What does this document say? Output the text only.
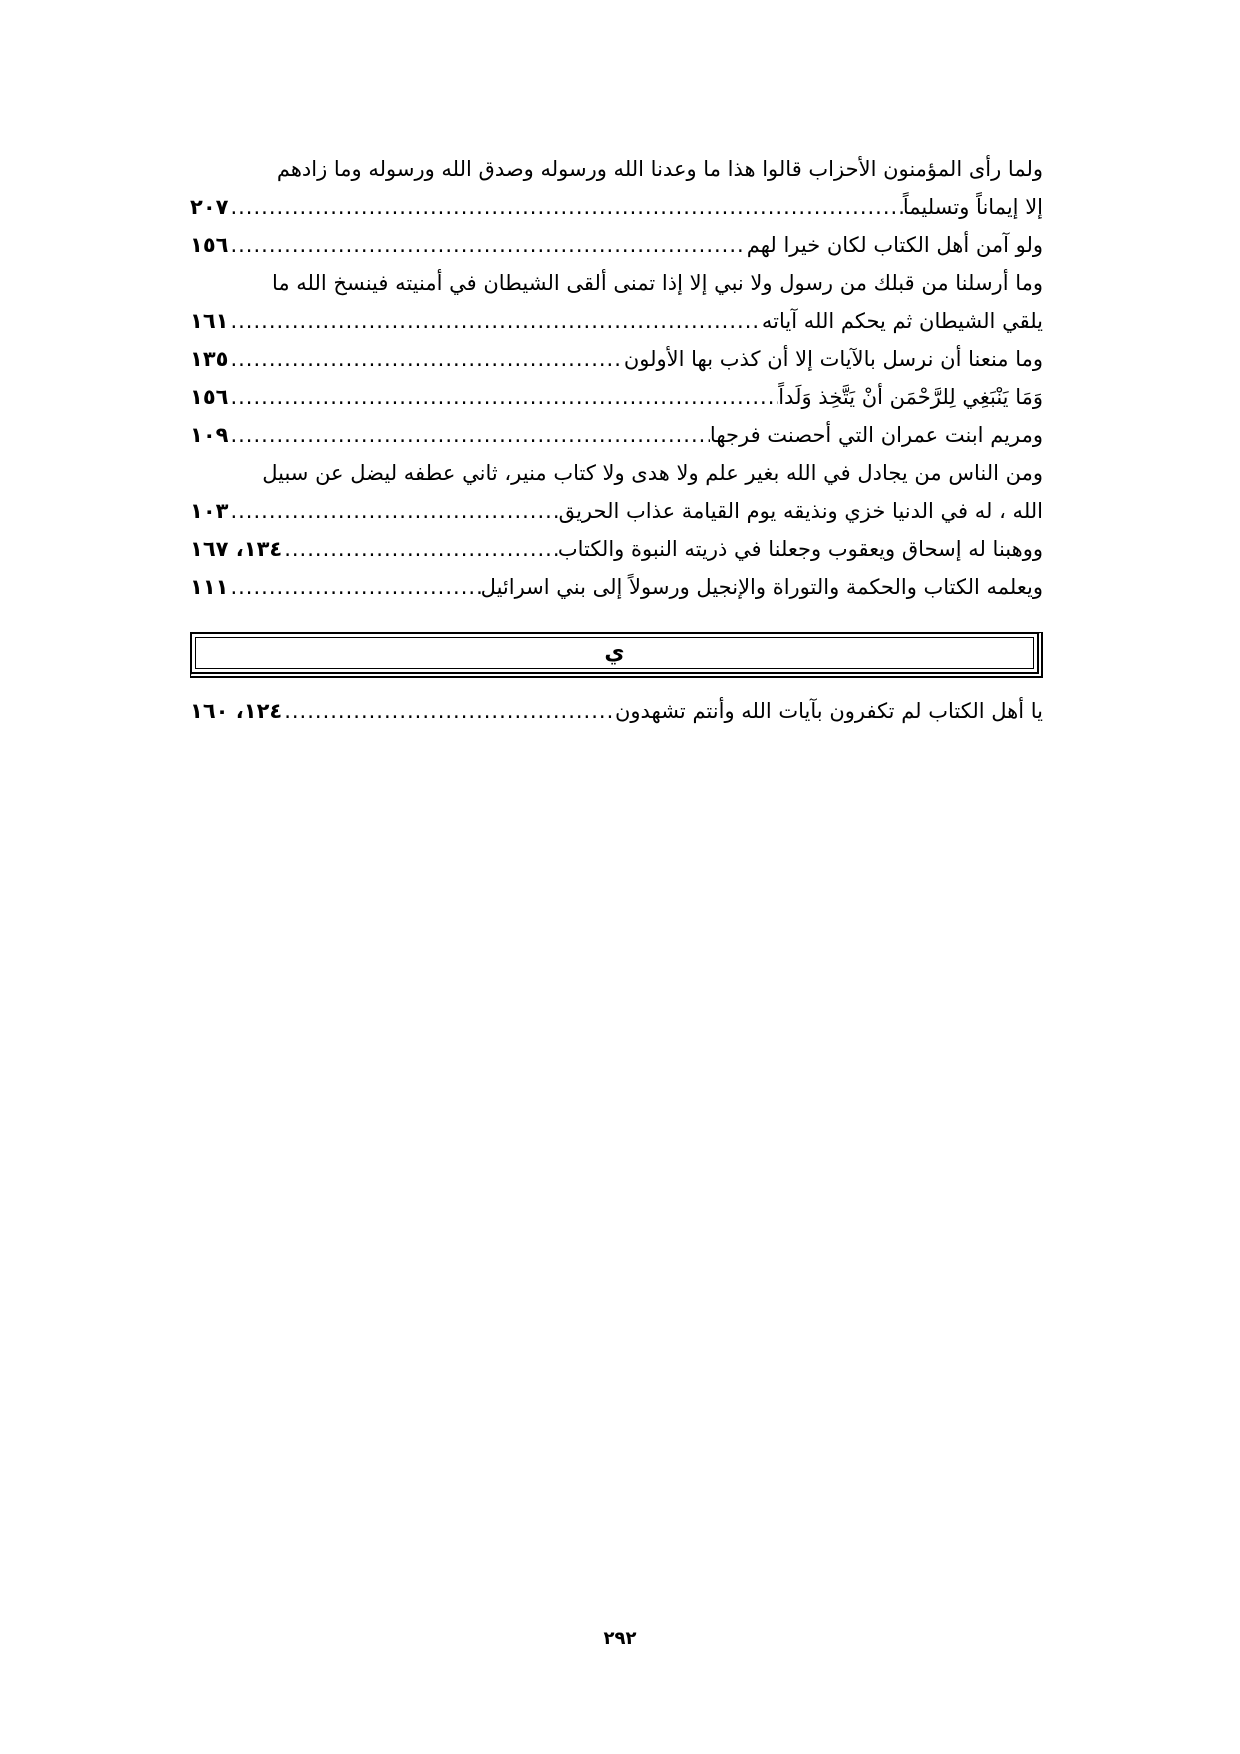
ولما رأى المؤمنون الأحزاب قالوا هذا ما وعدنا الله ورسوله وصدق الله ورسوله وما زادهم
إلا إيماناً وتسليماً
.....
٢٠٧
ولو آمن أهل الكتاب لكان خيرا لهم
.....
١٥٦
وما أرسلنا من قبلك من رسول ولا نبي إلا إذا تمنى ألقى الشيطان في أمنيته فينسخ الله ما
يلقي الشيطان ثم يحكم الله آياته
.....
١٦١
وما منعنا أن نرسل بالآيات إلا أن كذب بها الأولون
.....
١٣٥
وَمَا يَنْبَغِي لِلرَّحْمَن أنْ يَتَّخِذ وَلَداً
.....
١٥٦
ومريم ابنت عمران التي أحصنت فرجها
.....
١٠٩
ومن الناس من يجادل في الله بغير علم ولا هدى ولا كتاب منير، ثاني عطفه ليضل عن سبيل
الله ، له في الدنيا خزي ونذيقه يوم القيامة عذاب الحريق
.....
١٠٣
ووهبنا له إسحاق ويعقوب وجعلنا في ذريته النبوة والكتاب
.....
١٣٤، ١٦٧
ويعلمه الكتاب والحكمة والتوراة والإنجيل ورسولاً إلى بني اسرائيل
.....
١١١
ي
يا أهل الكتاب لم تكفرون بآيات الله وأنتم تشهدون
.....
١٢٤، ١٦٠
٢٩٢
